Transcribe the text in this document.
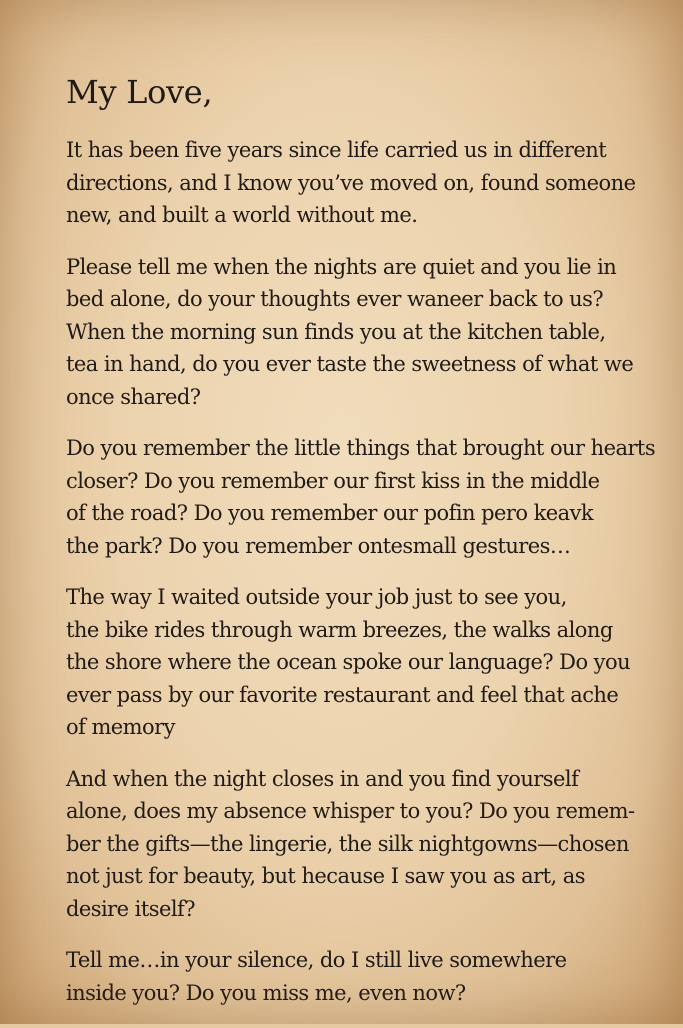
My Love,
It has been five years since life carried us in different
directions, and I know you’ve moved on, found someone
new, and built a world without me.
Please tell me when the nights are quiet and you lie in
bed alone, do your thoughts ever waneer back to us?
When the morning sun finds you at the kitchen table,
tea in hand, do you ever taste the sweetness of what we
once shared?
Do you remember the little things that brought our hearts
closer? Do you remember our first kiss in the middle
of the road? Do you remember our pofin pero keavk
the park? Do you remember ontesmall gestures…
The way I waited outside your job just to see you,
the bike rides through warm breezes, the walks along
the shore where the ocean spoke our language? Do you
ever pass by our favorite restaurant and feel that ache
of memory
And when the night closes in and you find yourself
alone, does my absence whisper to you? Do you remem-
ber the gifts—the lingerie, the silk nightgowns—chosen
not just for beauty, but hecause I saw you as art, as
desire itself?
Tell me…in your silence, do I still live somewhere
inside you? Do you miss me, even now?
